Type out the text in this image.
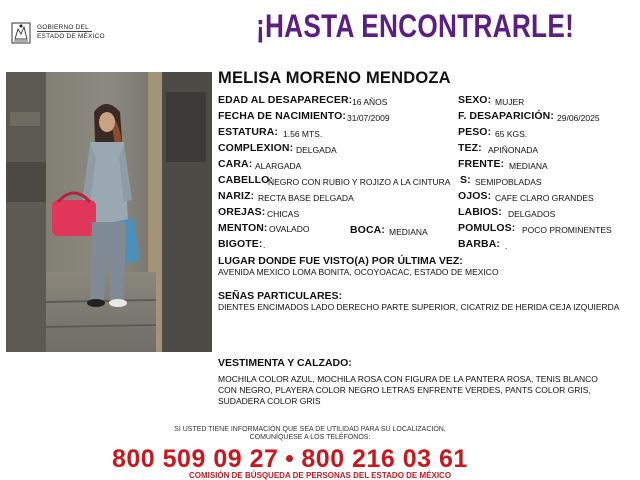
GOBIERNO DEL
ESTADO DE MÉXICO	¡HASTA ENCONTRARLE!
MELISA MORENO MENDOZA
EDAD AL DESAPARECER: 16 AÑOS
FECHA DE NACIMIENTO: 31/07/2009
ESTATURA: 1.56 MTS.
COMPLEXION: DELGADA
CARA: ALARGADA
CABELLO:
NEGRO CON RUBIO Y ROJIZO A LA CINTURA
NARIZ: RECTA BASE DELGADA
OREJAS: CHICAS
MENTON: OVALADO	BOCA: MEDIANA
BIGOTE: .
SEXO: MUJER
F. DESAPARICIÓN: 29/06/2025
PESO: 65 KGS.
TEZ: APIÑONADA
FRENTE: MEDIANA
S: SEMIPOBLADAS
OJOS: CAFE CLARO GRANDES
LABIOS: DELGADOS
POMULOS: POCO PROMINENTES
BARBA: .
LUGAR DONDE FUE VISTO(A) POR ÚLTIMA VEZ:
AVENIDA MEXICO LOMA BONITA, OCOYOACAC, ESTADO DE MEXICO
SEÑAS PARTICULARES:
DIENTES ENCIMADOS LADO DERECHO PARTE SUPERIOR, CICATRIZ DE HERIDA CEJA IZQUIERDA
VESTIMENTA Y CALZADO:
MOCHILA COLOR AZUL, MOCHILA ROSA CON FIGURA DE LA PANTERA ROSA, TENIS BLANCO CON NEGRO, PLAYERA COLOR NEGRO LETRAS ENFRENTE VERDES, PANTS COLOR GRIS, SUDADERA COLOR GRIS
SI USTED TIENE INFORMACIÓN QUE SEA DE UTILIDAD PARA SU LOCALIZACIÓN,
COMUNÍQUESE A LOS TELÉFONOS:
800 509 09 27 800 216 03 61
COMISIÓN DE BÚSQUEDA DE PERSONAS DEL ESTADO DE MÉXICO
